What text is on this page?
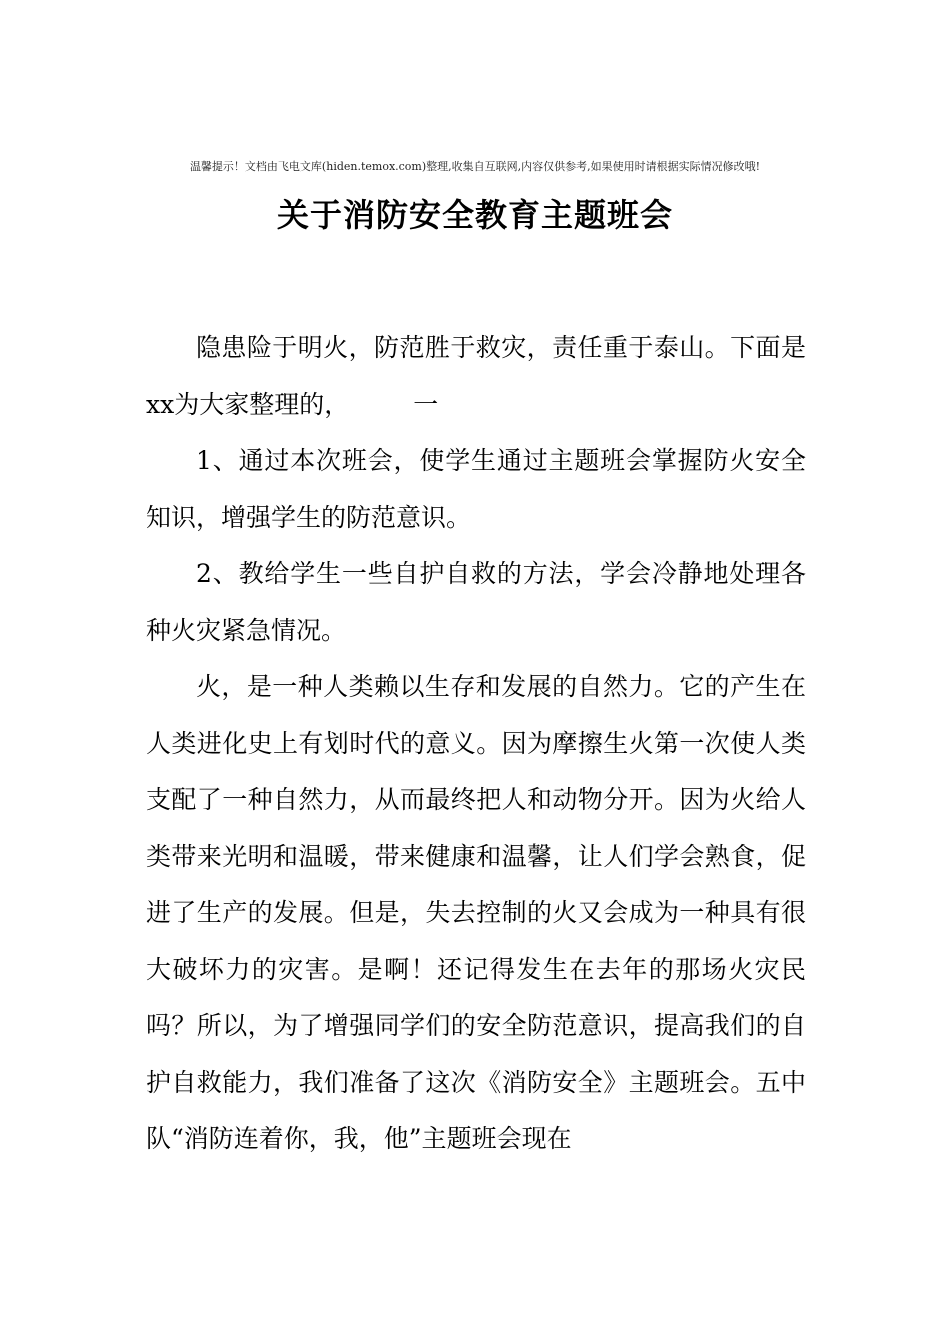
温馨提示！文档由飞电文库(hiden.temox.com)整理,收集自互联网,内容仅供参考,如果使用时请根据实际情况修改哦!
关于消防安全教育主题班会

隐患险于明火，防范胜于救灾，责任重于泰山。下面是xx为大家整理的，	一

1、通过本次班会，使学生通过主题班会掌握防火安全知识，增强学生的防范意识。

2、教给学生一些自护自救的方法，学会冷静地处理各种火灾紧急情况。

火，是一种人类赖以生存和发展的自然力。它的产生在人类进化史上有划时代的意义。因为摩擦生火第一次使人类支配了一种自然力，从而最终把人和动物分开。因为火给人类带来光明和温暖，带来健康和温馨，让人们学会熟食，促进了生产的发展。但是，失去控制的火又会成为一种具有很大破坏力的灾害。是啊！还记得发生在去年的那场火灾民吗？所以，为了增强同学们的安全防范意识，提高我们的自护自救能力，我们准备了这次《消防安全》主题班会。五中队“消防连着你，我，他”主题班会现在
